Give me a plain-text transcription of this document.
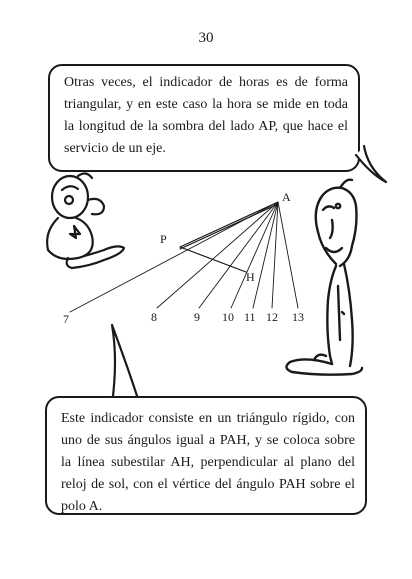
30
Otras veces, el indicador de horas es de forma triangular, y en este caso la hora se mide en toda la longitud de la sombra del lado AP, que hace el servicio de un eje.
A
P
H
7	8	9 10 11 12 13
Este indicador consiste en un triángulo rígido, con uno de sus ángulos igual a PAH, y se coloca sobre la línea subestilar AH, perpendicular al plano del reloj de sol, con el vértice del ángulo PAH sobre el polo A.
